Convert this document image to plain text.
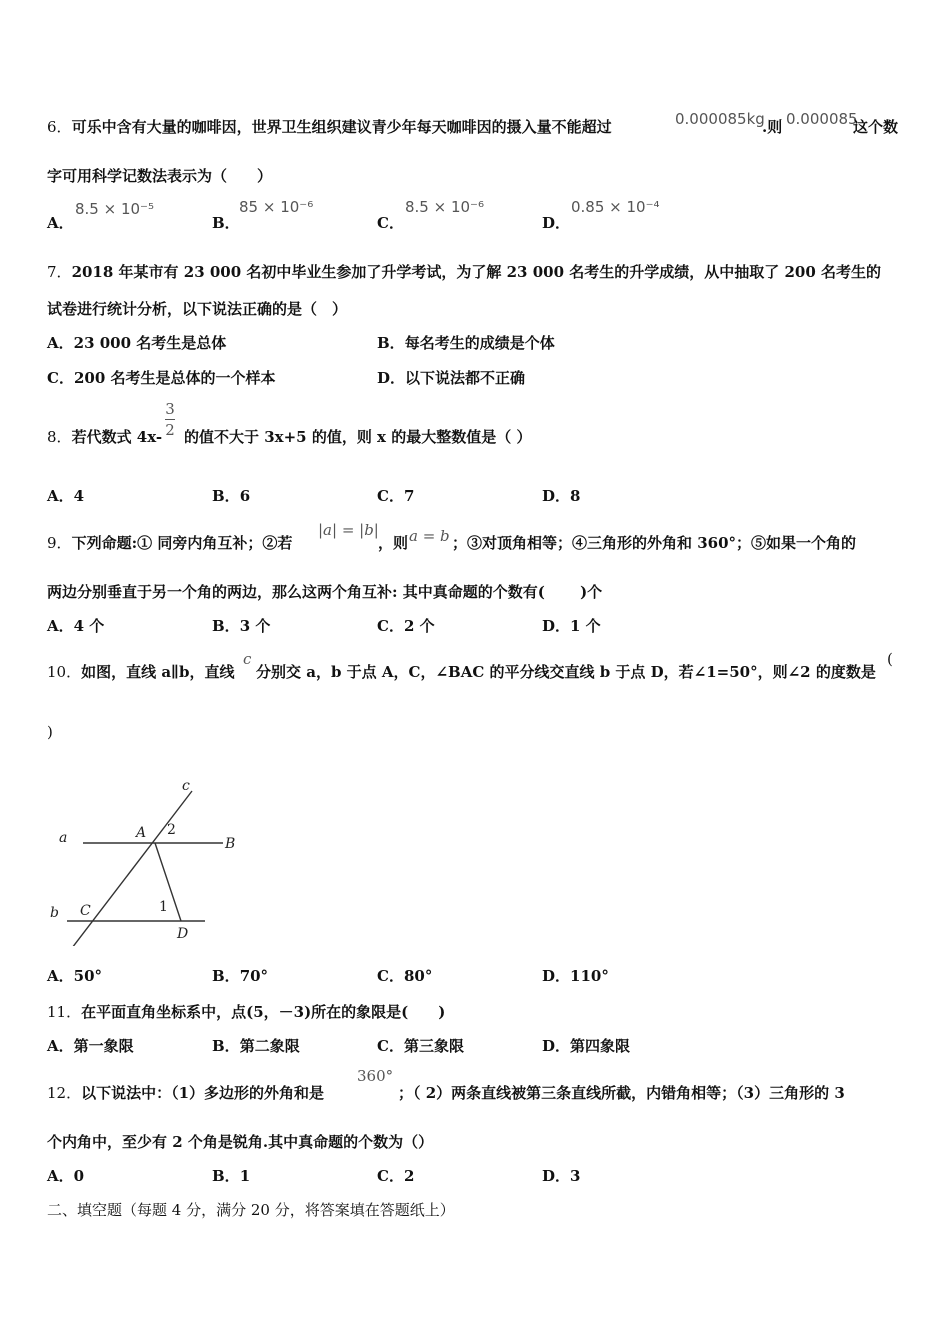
6．可乐中含有大量的咖啡因，世界卫生组织建议青少年每天咖啡因的摄入量不能超过	0.000085kg
.则 0.000085
这个数
字可用科学记数法表示为（　　）
A．
8.5 × 10⁻⁵
B．
85 × 10⁻⁶
C．
8.5 × 10⁻⁶
D．
0.85 × 10⁻⁴
7．2018 年某市有 23 000 名初中毕业生参加了升学考试，为了解 23 000 名考生的升学成绩，从中抽取了 200 名考生的
试卷进行统计分析，以下说法正确的是（　）
A．23 000 名考生是总体	B．每名考生的成绩是个体
C．200 名考生是总体的一个样本	D．以下说法都不正确
8．若代数式 4x-
3
2 的值不大于 3x+5 的值，则 x 的最大整数值是（ ）
A．4	B．6	C．7	D．8
9．下列命题:① 同旁内角互补；②若
|a| = |b|
，则 a = b ；③对顶角相等；④三角形的外角和 360°；⑤如果一个角的
两边分别垂直于另一个角的两边，那么这两个角互补: 其中真命题的个数有(　　 )个
A．4 个	B．3 个	C．2 个	D．1 个
10．如图，直线 a∥b，直线
c
分别交 a，b 于点 A，C，∠BAC 的平分线交直线 b 于点 D，若∠1=50°，则∠2 的度数是
(
)
c
a	A 2
B
b C	1
D
A．50°	B．70°	C．80°	D．110°
11．在平面直角坐标系中，点(5，－3)所在的象限是(　　)
A．第一象限	B．第二象限	C．第三象限	D．第四象限
12．以下说法中：（1）多边形的外角和是
360°
；（ 2）两条直线被第三条直线所截，内错角相等；（3）三角形的 3
个内角中，至少有 2 个角是锐角.其中真命题的个数为（）
A．0	B．1	C．2	D．3
二、填空题（每题 4 分，满分 20 分，将答案填在答题纸上）
